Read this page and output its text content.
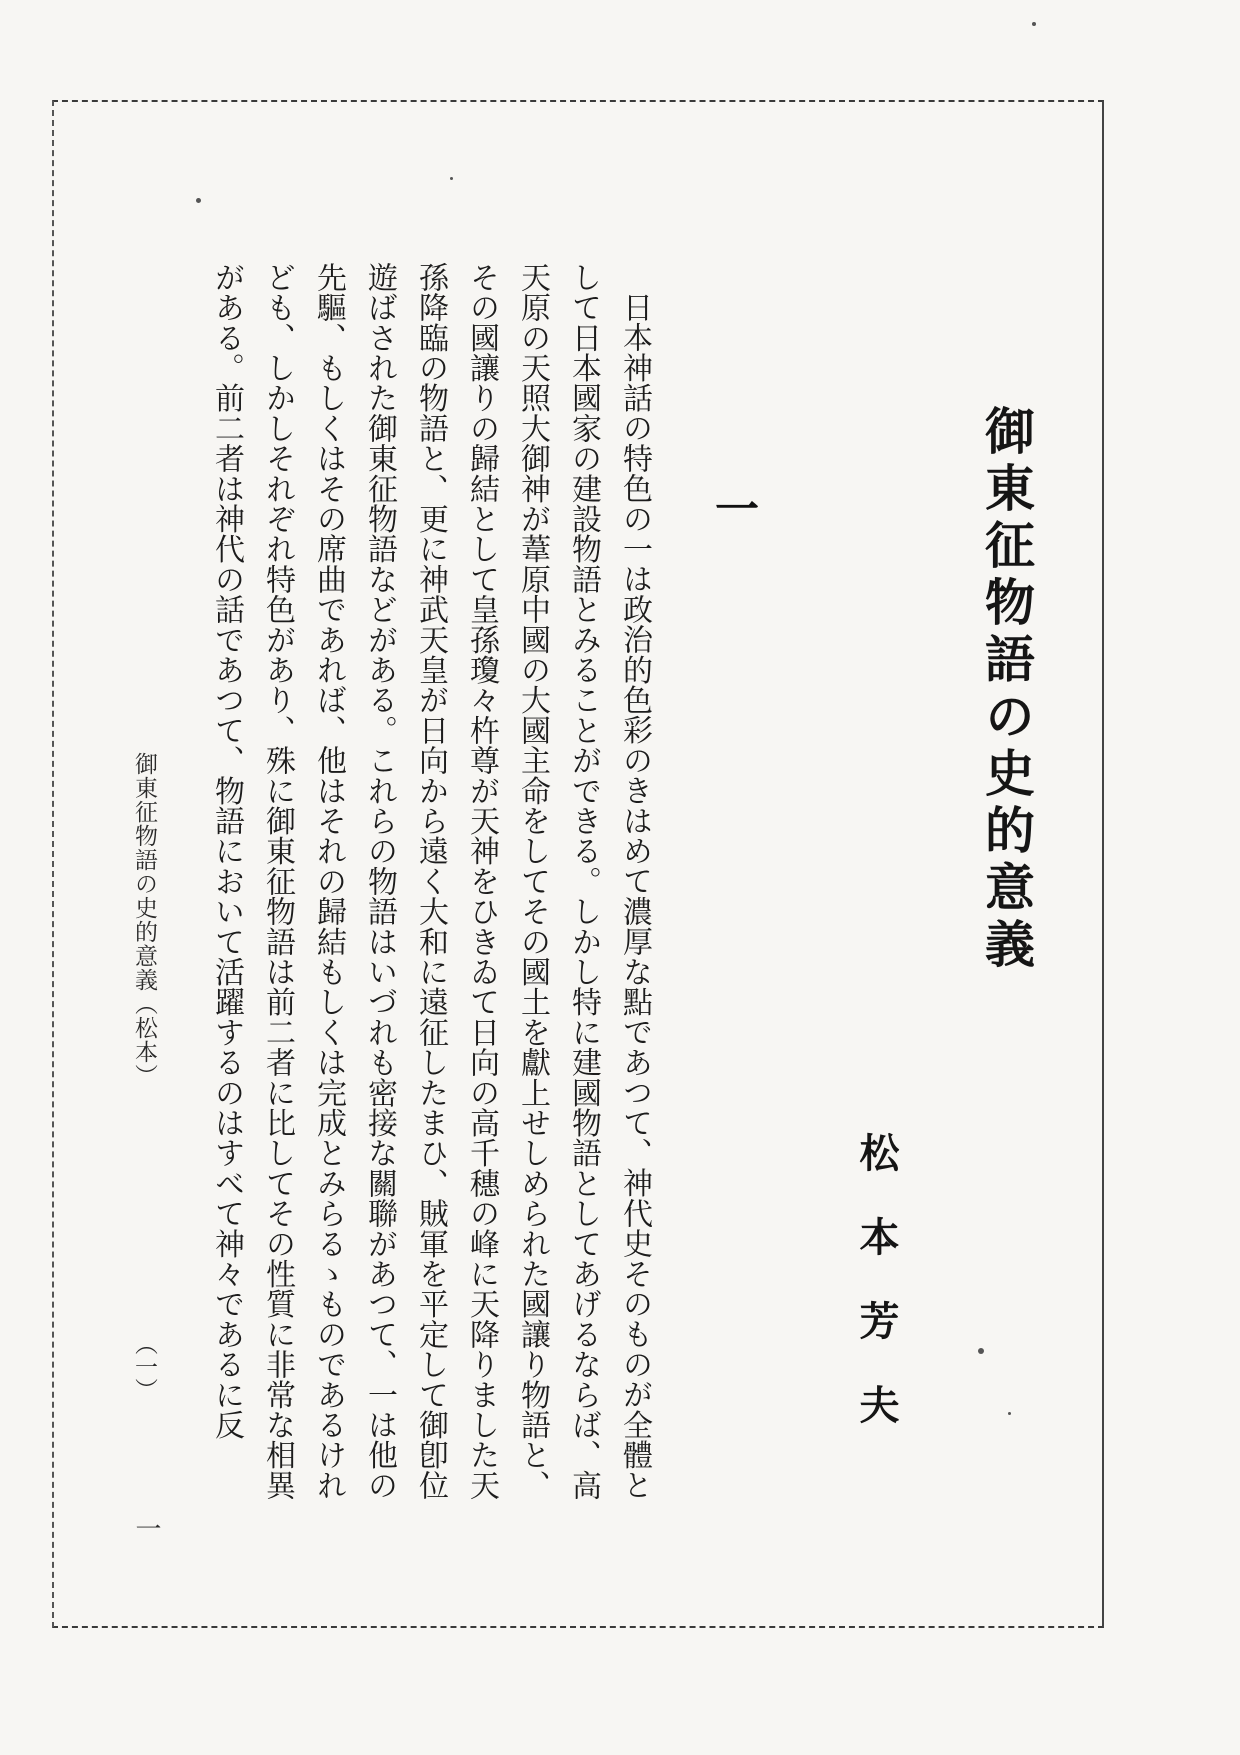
御東征物語の史的意義
松本芳夫
一

日本神話の特色の一は政治的色彩のきはめて濃厚な點であつて、神代史そのものが全體として日本國家の建設物語とみることができる。しかし特に建國物語としてあげるならば、高天原の天照大御神が葦原中國の大國主命をしてその國土を獻上せしめられた國讓り物語と、その國讓りの歸結として皇孫瓊々杵尊が天神をひきゐて日向の高千穗の峰に天降りました天孫降臨の物語と、更に神武天皇が日向から遠く大和に遠征したまひ、賊軍を平定して御卽位遊ばされた御東征物語などがある。これらの物語はいづれも密接な關聯があつて、一は他の先驅、もしくはその席曲であれば、他はそれの歸結もしくは完成とみらるゝものであるけれども、しかしそれぞれ特色があり、殊に御東征物語は前二者に比してその性質に非常な相異がある。前二者は神代の話であつて、物語において活躍するのはすべて神々であるに反

御東征物語の史的意義（松本）
（一）
一
